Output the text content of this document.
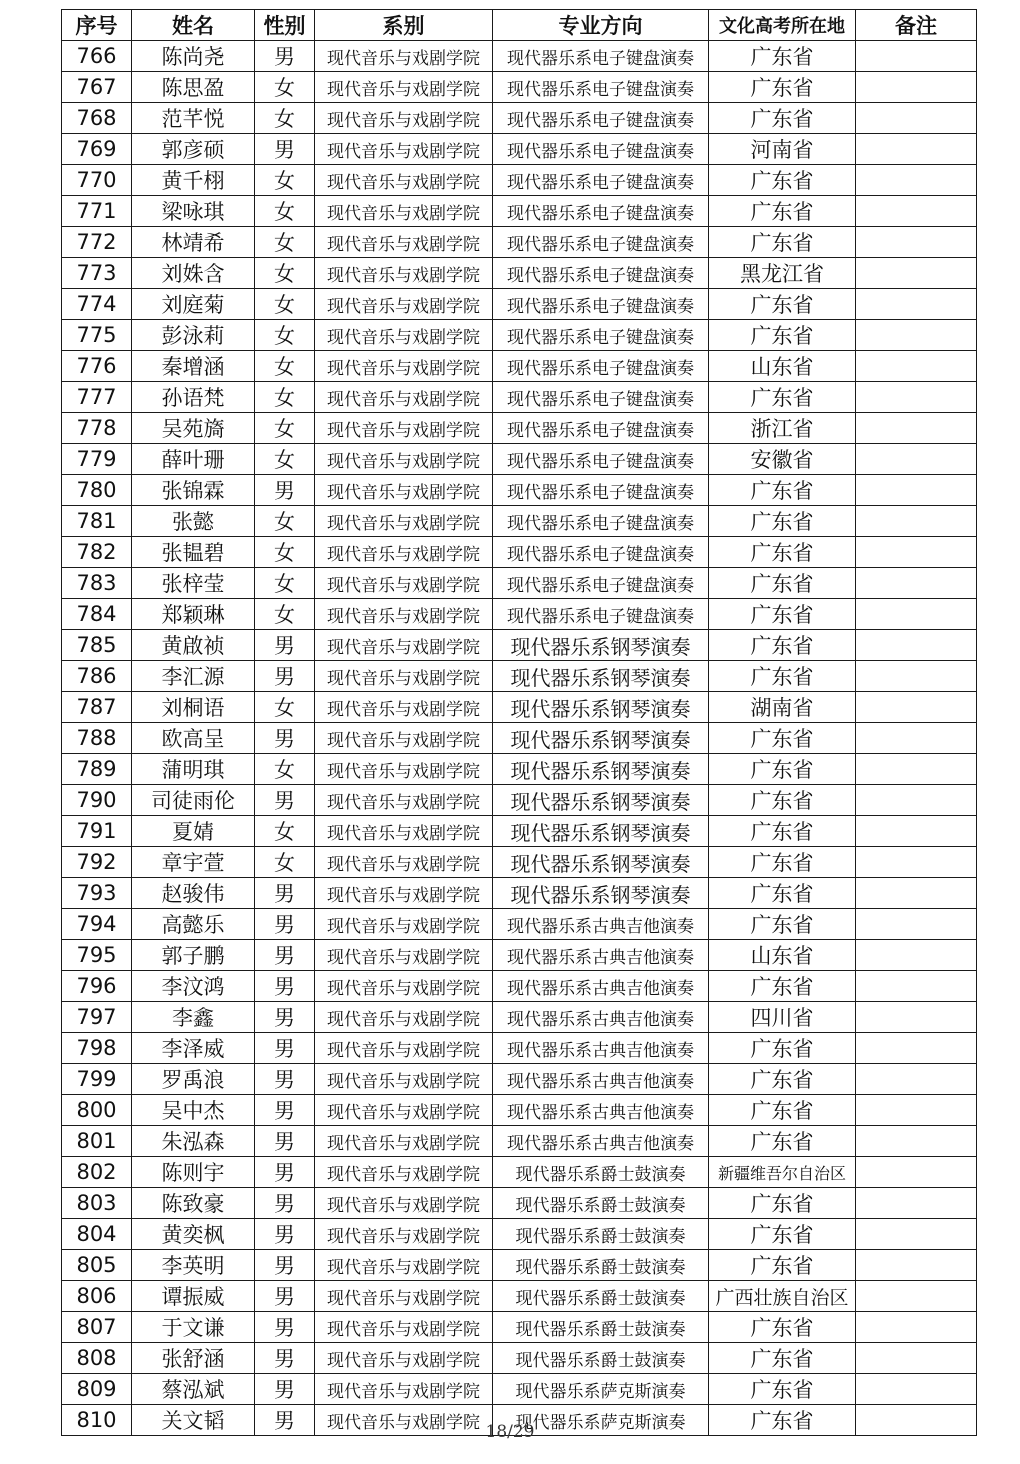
序号	姓名	性别	系别	专业方向	文化高考所在地	备注
766	陈尚尧	男	现代音乐与戏剧学院	现代器乐系电子键盘演奏	广东省	
767	陈思盈	女	现代音乐与戏剧学院	现代器乐系电子键盘演奏	广东省	
768	范芊悦	女	现代音乐与戏剧学院	现代器乐系电子键盘演奏	广东省	
769	郭彦硕	男	现代音乐与戏剧学院	现代器乐系电子键盘演奏	河南省	
770	黄千栩	女	现代音乐与戏剧学院	现代器乐系电子键盘演奏	广东省	
771	梁咏琪	女	现代音乐与戏剧学院	现代器乐系电子键盘演奏	广东省	
772	林靖希	女	现代音乐与戏剧学院	现代器乐系电子键盘演奏	广东省	
773	刘姝含	女	现代音乐与戏剧学院	现代器乐系电子键盘演奏	黑龙江省	
774	刘庭菊	女	现代音乐与戏剧学院	现代器乐系电子键盘演奏	广东省	
775	彭泳莉	女	现代音乐与戏剧学院	现代器乐系电子键盘演奏	广东省	
776	秦增涵	女	现代音乐与戏剧学院	现代器乐系电子键盘演奏	山东省	
777	孙语梵	女	现代音乐与戏剧学院	现代器乐系电子键盘演奏	广东省	
778	吴苑旖	女	现代音乐与戏剧学院	现代器乐系电子键盘演奏	浙江省	
779	薛叶珊	女	现代音乐与戏剧学院	现代器乐系电子键盘演奏	安徽省	
780	张锦霖	男	现代音乐与戏剧学院	现代器乐系电子键盘演奏	广东省	
781	张懿	女	现代音乐与戏剧学院	现代器乐系电子键盘演奏	广东省	
782	张韫碧	女	现代音乐与戏剧学院	现代器乐系电子键盘演奏	广东省	
783	张梓莹	女	现代音乐与戏剧学院	现代器乐系电子键盘演奏	广东省	
784	郑颖琳	女	现代音乐与戏剧学院	现代器乐系电子键盘演奏	广东省	
785	黄啟祯	男	现代音乐与戏剧学院	现代器乐系钢琴演奏	广东省	
786	李汇源	男	现代音乐与戏剧学院	现代器乐系钢琴演奏	广东省	
787	刘桐语	女	现代音乐与戏剧学院	现代器乐系钢琴演奏	湖南省	
788	欧高呈	男	现代音乐与戏剧学院	现代器乐系钢琴演奏	广东省	
789	蒲明琪	女	现代音乐与戏剧学院	现代器乐系钢琴演奏	广东省	
790	司徒雨伦	男	现代音乐与戏剧学院	现代器乐系钢琴演奏	广东省	
791	夏婧	女	现代音乐与戏剧学院	现代器乐系钢琴演奏	广东省	
792	章宇萱	女	现代音乐与戏剧学院	现代器乐系钢琴演奏	广东省	
793	赵骏伟	男	现代音乐与戏剧学院	现代器乐系钢琴演奏	广东省	
794	高懿乐	男	现代音乐与戏剧学院	现代器乐系古典吉他演奏	广东省	
795	郭子鹏	男	现代音乐与戏剧学院	现代器乐系古典吉他演奏	山东省	
796	李汶鸿	男	现代音乐与戏剧学院	现代器乐系古典吉他演奏	广东省	
797	李鑫	男	现代音乐与戏剧学院	现代器乐系古典吉他演奏	四川省	
798	李泽威	男	现代音乐与戏剧学院	现代器乐系古典吉他演奏	广东省	
799	罗禹浪	男	现代音乐与戏剧学院	现代器乐系古典吉他演奏	广东省	
800	吴中杰	男	现代音乐与戏剧学院	现代器乐系古典吉他演奏	广东省	
801	朱泓森	男	现代音乐与戏剧学院	现代器乐系古典吉他演奏	广东省	
802	陈则宇	男	现代音乐与戏剧学院	现代器乐系爵士鼓演奏	新疆维吾尔自治区	
803	陈致豪	男	现代音乐与戏剧学院	现代器乐系爵士鼓演奏	广东省	
804	黄奕枫	男	现代音乐与戏剧学院	现代器乐系爵士鼓演奏	广东省	
805	李英明	男	现代音乐与戏剧学院	现代器乐系爵士鼓演奏	广东省	
806	谭振威	男	现代音乐与戏剧学院	现代器乐系爵士鼓演奏	广西壮族自治区	
807	于文谦	男	现代音乐与戏剧学院	现代器乐系爵士鼓演奏	广东省	
808	张舒涵	男	现代音乐与戏剧学院	现代器乐系爵士鼓演奏	广东省	
809	蔡泓斌	男	现代音乐与戏剧学院	现代器乐系萨克斯演奏	广东省	
810	关文韬	男	现代音乐与戏剧学院	现代器乐系萨克斯演奏	广东省	
18/29
